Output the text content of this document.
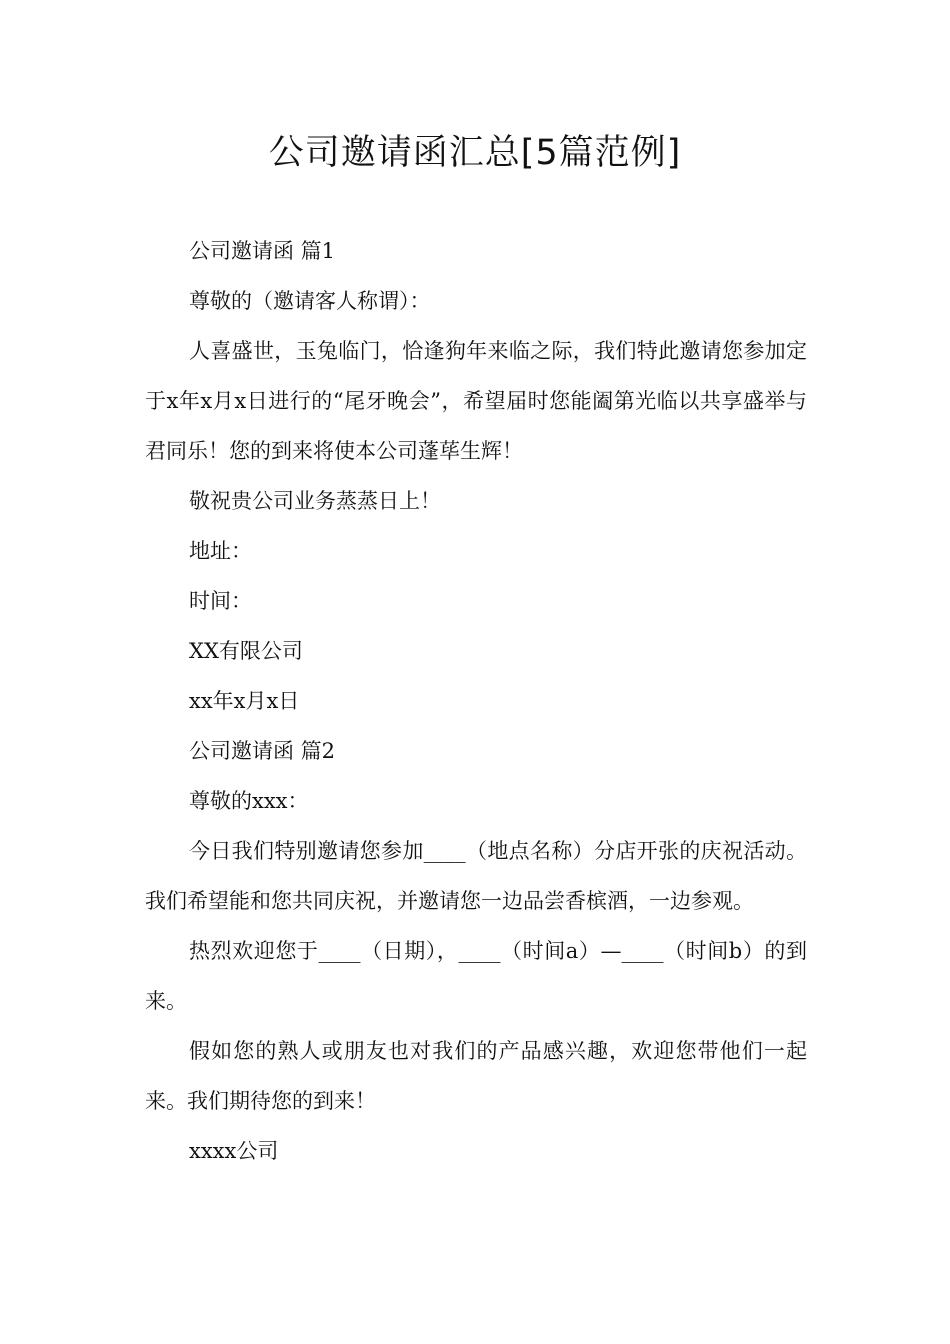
公司邀请函汇总[5篇范例]

公司邀请函 篇1

尊敬的（邀请客人称谓）：

人喜盛世，玉兔临门，恰逢狗年来临之际，我们特此邀请您参加定于x年x月x日进行的“尾牙晚会”，希望届时您能阖第光临以共享盛举与君同乐！您的到来将使本公司蓬荜生辉！

敬祝贵公司业务蒸蒸日上！

地址：

时间：

XX有限公司

xx年x月x日

公司邀请函 篇2

尊敬的xxx：

今日我们特别邀请您参加____（地点名称）分店开张的庆祝活动。我们希望能和您共同庆祝，并邀请您一边品尝香槟酒，一边参观。

热烈欢迎您于____（日期），____（时间a）—____（时间b）的到来。

假如您的熟人或朋友也对我们的产品感兴趣，欢迎您带他们一起来。我们期待您的到来！

xxxx公司
